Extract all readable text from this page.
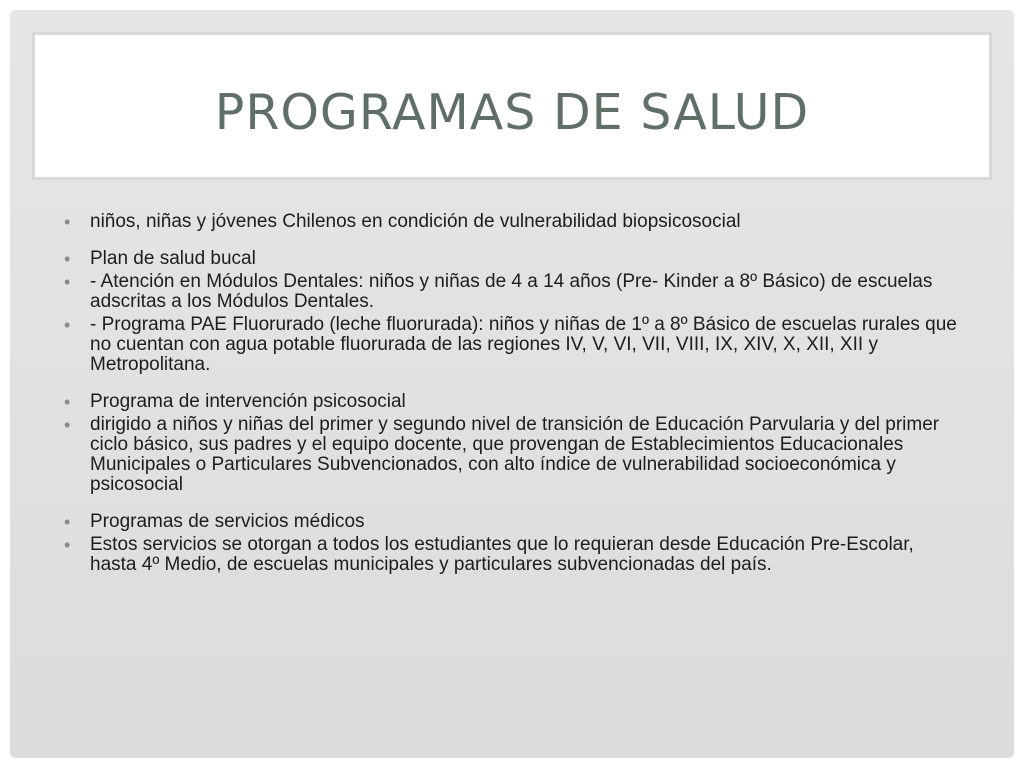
PROGRAMAS DE SALUD
• niños, niñas y jóvenes Chilenos en condición de vulnerabilidad biopsicosocial
• Plan de salud bucal
• - Atención en Módulos Dentales: niños y niñas de 4 a 14 años (Pre- Kinder a 8º Básico) de escuelas adscritas a los Módulos Dentales.
• - Programa PAE Fluorurado (leche fluorurada): niños y niñas de 1º a 8º Básico de escuelas rurales que no cuentan con agua potable fluorurada de las regiones IV, V, VI, VII, VIII, IX, XIV, X, XII, XII y Metropolitana.
• Programa de intervención psicosocial
• dirigido a niños y niñas del primer y segundo nivel de transición de Educación Parvularia y del primer ciclo básico, sus padres y el equipo docente, que provengan de Establecimientos Educacionales Municipales o Particulares Subvencionados, con alto índice de vulnerabilidad socioeconómica y psicosocial
• Programas de servicios médicos
• Estos servicios se otorgan a todos los estudiantes que lo requieran desde Educación Pre-Escolar, hasta 4º Medio, de escuelas municipales y particulares subvencionadas del país.
